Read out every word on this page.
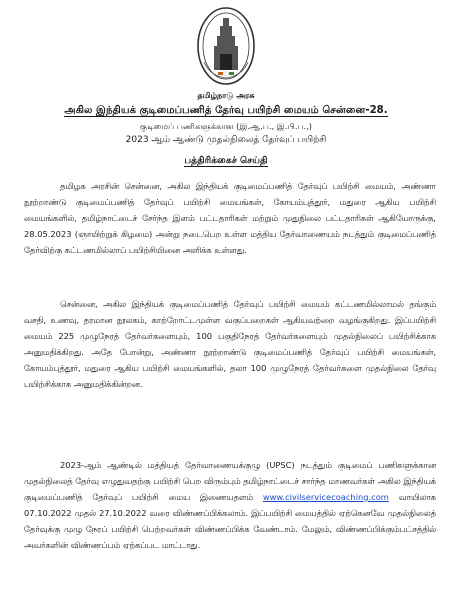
தமிழ்நாடு அரசு
அகில இந்தியக் குடிமைப்பணித் தேர்வு பயிற்சி மையம் சென்னை-28.
குடிமைப் பணிகளுக்கான (இ.ஆ.ப., இ.பி.ப.,)
2023 ஆம் ஆண்டு முதல்நிலைத் தேர்வுப் பயிற்சி
பத்திரிக்கைச் செய்தி

தமிழக அரசின் சென்னை, அகில இந்தியக் குடிமைப்பணித் தேர்வுப் பயிற்சி மையம், அண்ணா நூற்றாண்டு குடிமைப்பணித் தேர்வுப் பயிற்சி மையங்கள், கோயம்புத்தூர், மதுரை ஆகிய பயிற்சி மையங்களில், தமிழ்நாட்டைச் சேர்ந்த இளம் பட்டதாரிகள் மற்றும் முதுநிலை பட்டதாரிகள் ஆகியோருக்கு, 28.05.2023 (ஞாயிற்றுக் கிழமை) அன்று நடைபெற உள்ள மத்திய தேர்வாணையம் நடத்தும் குடிமைப்பணித் தேர்விற்கு கட்டணமில்லாப் பயிற்சியினை அளிக்க உள்ளது.

சென்னை, அகில இந்தியக் குடிமைப்பணித் தேர்வுப் பயிற்சி மையம் கட்டணமில்லாமல் தங்கும் வசதி, உணவு, தரமான நூலகம், காற்றோட்டமுள்ள வகுப்பறைகள் ஆகியவற்றை வழங்குகிறது. இப்பயிற்சி மையம் 225 முழுநேரத் தேர்வர்களையும், 100 பகுதிநேரத் தேர்வர்களையும் முதல்நிலைப் பயிற்சிக்காக அனுமதிக்கிறது. அதே போன்று, அண்ணா நூற்றாண்டு குடிமைப்பணித் தேர்வுப் பயிற்சி மையங்கள், கோயம்புத்தூர், மதுரை ஆகிய பயிற்சி மையங்களில், தலா 100 முழுநேரத் தேர்வர்களை முதல்நிலை தேர்வு பயிற்சிக்காக அனுமதிக்கின்றன.

2023-ஆம் ஆண்டில் மத்தியத் தேர்வாணையக்குழு (UPSC) நடத்தும் குடிமைப் பணிகளுக்கான முதல்நிலைத் தேர்வு எழுதுவதற்கு பயிற்சி பெற விரும்பும் தமிழ்நாட்டைச் சார்ந்த மாணவர்கள் அகில இந்தியக் குடிமைப்பணித் தேர்வுப் பயிற்சி மைய இணையதளம் www.civilservicecoaching.com வாயிலாக 07.10.2022 முதல் 27.10.2022 வரை விண்ணப்பிக்கலாம். இப்பயிற்சி மையத்தில் ஏற்கெனவே முதல்நிலைத் தேர்வுக்கு முழு நேரப் பயிற்சி பெற்றவர்கள் விண்ணப்பிக்க வேண்டாம். மேலும், விண்ணப்பிக்கும்பட்சத்தில் அவர்களின் விண்ணப்பம் ஏற்கப்பட மாட்டாது.
